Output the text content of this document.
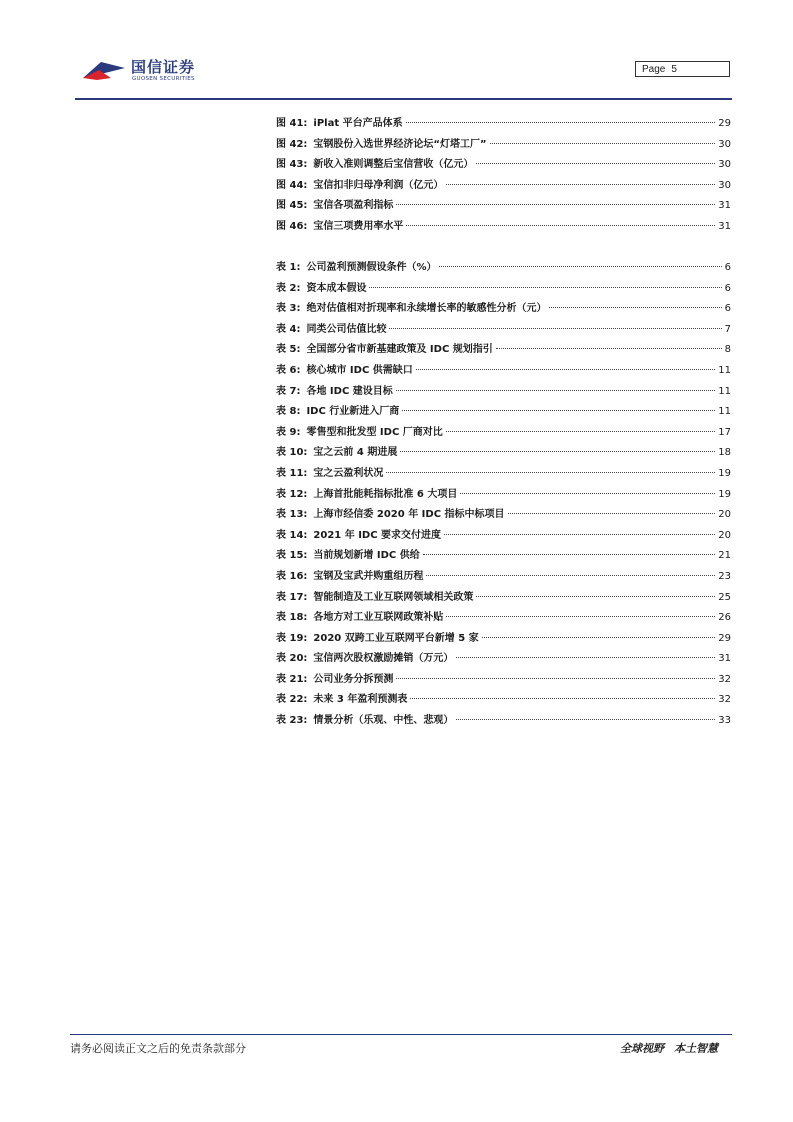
国信证券
GUOSEN SECURITIES
Page 5
图 41: iPlat 平台产品体系	29
图 42: 宝钢股份入选世界经济论坛“灯塔工厂”	30
图 43: 新收入准则调整后宝信营收（亿元）	30
图 44: 宝信扣非归母净利润（亿元）	30
图 45: 宝信各项盈利指标	31
图 46: 宝信三项费用率水平	31
表 1: 公司盈利预测假设条件（%）	6
表 2: 资本成本假设	6
表 3: 绝对估值相对折现率和永续增长率的敏感性分析（元）	6
表 4: 同类公司估值比较	7
表 5: 全国部分省市新基建政策及 IDC 规划指引	8
表 6: 核心城市 IDC 供需缺口	11
表 7: 各地 IDC 建设目标	11
表 8: IDC 行业新进入厂商	11
表 9: 零售型和批发型 IDC 厂商对比	17
表 10: 宝之云前 4 期进展	18
表 11: 宝之云盈利状况	19
表 12: 上海首批能耗指标批准 6 大项目	19
表 13: 上海市经信委 2020 年 IDC 指标中标项目	20
表 14: 2021 年 IDC 要求交付进度	20
表 15: 当前规划新增 IDC 供给	21
表 16: 宝钢及宝武并购重组历程	23
表 17: 智能制造及工业互联网领域相关政策	25
表 18: 各地方对工业互联网政策补贴	26
表 19: 2020 双跨工业互联网平台新增 5 家	29
表 20: 宝信两次股权激励摊销（万元）	31
表 21: 公司业务分拆预测	32
表 22: 未来 3 年盈利预测表	32
表 23: 情景分析（乐观、中性、悲观）	33
请务必阅读正文之后的免责条款部分	全球视野 本土智慧
